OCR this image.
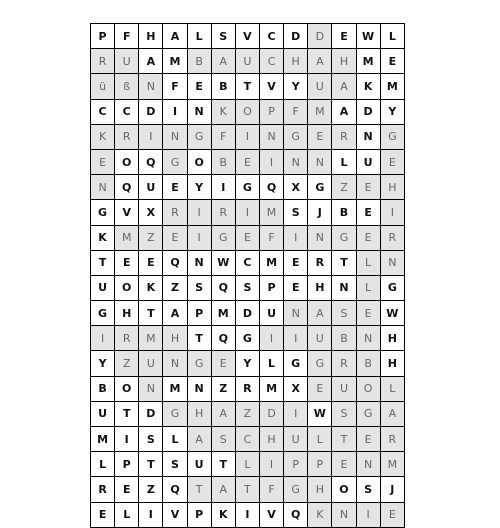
P	F	H	A	L	S	V	C	D	D	E	W	L
R	U	A	M	B	A	U	C	H	A	H	M	E
ü	ß	N	F	E	B	T	V	Y	U	A	K	M
C	C	D	I	N	K	O	P	F	M	A	D	Y
K	R	I	N	G	F	I	N	G	E	R	N	G
E	O	Q	G	O	B	E	I	N	N	L	U	E
N	Q	U	E	Y	I	G	Q	X	G	Z	E	H
G	V	X	R	I	R	I	M	S	J	B	E	I
K	M	Z	E	I	G	E	F	I	N	G	E	R
T	E	E	Q	N	W	C	M	E	R	T	L	N
U	O	K	Z	S	Q	S	P	E	H	N	L	G
G	H	T	A	P	M	D	U	N	A	S	E	W
I	R	M	H	T	Q	G	I	I	U	B	N	H
Y	Z	U	N	G	E	Y	L	G	G	R	B	H
B	O	N	M	N	Z	R	M	X	E	U	O	L
U	T	D	G	H	A	Z	D	I	W	S	G	A
M	I	S	L	A	S	C	H	U	L	T	E	R
L	P	T	S	U	T	L	I	P	P	E	N	M
R	E	Z	Q	T	A	T	F	G	H	O	S	J
E	L	I	V	P	K	I	V	Q	K	N	I	E
